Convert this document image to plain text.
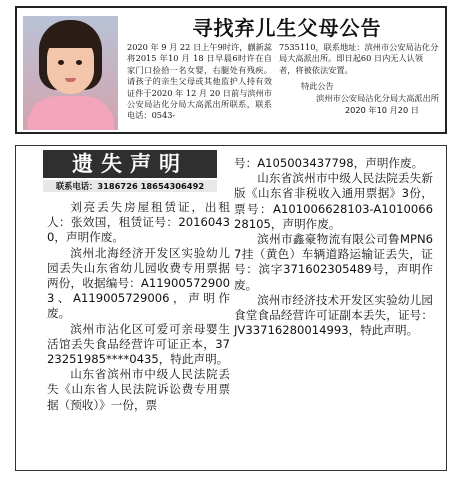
寻找弃儿生父母公告
2020 年 9 月 22 日上午9时许，蒯新蕊将2015 年10 月 18 日早晨6时许在自家门口捡拾一名女婴，右腿处有残疾。请孩子的亲生父母或其他监护人持有效证件于2020 年 12 月 20 日前与滨州市公安局沾化分局大高派出所联系，联系电话：0543-
7535110，联系地址：滨州市公安局沾化分局大高派出所。即日起60 日内无人认领者，将被依法安置。
特此公告
滨州市公安局沾化分局大高派出所
2020 年10 月20 日
遗失声明
联系电话：3186726 18654306492

刘亮丢失房屋租赁证，出租人：张效国，租赁证号：20160430，声明作废。

滨州北海经济开发区实验幼儿园丢失山东省幼儿园收费专用票据两份，收据编号：A119005729003、A119005729006，声明作废。

滨州市沾化区可爱可亲母婴生活馆丢失食品经营许可证正本，3723251985****0435，特此声明。

山东省滨州市中级人民法院丢失《山东省人民法院诉讼费专用票据（预收）》一份，票

号：A105003437798，声明作废。

山东省滨州市中级人民法院丢失新版《山东省非税收入通用票据》3份，票号：A101006628103-A101006628105，声明作废。

滨州市鑫豪物流有限公司鲁MPN67挂（黄色）车辆道路运输证丢失，证号：滨字371602305489号，声明作废。

滨州市经济技术开发区实验幼儿园食堂食品经营许可证副本丢失，证号：JV33716280014993，特此声明。
